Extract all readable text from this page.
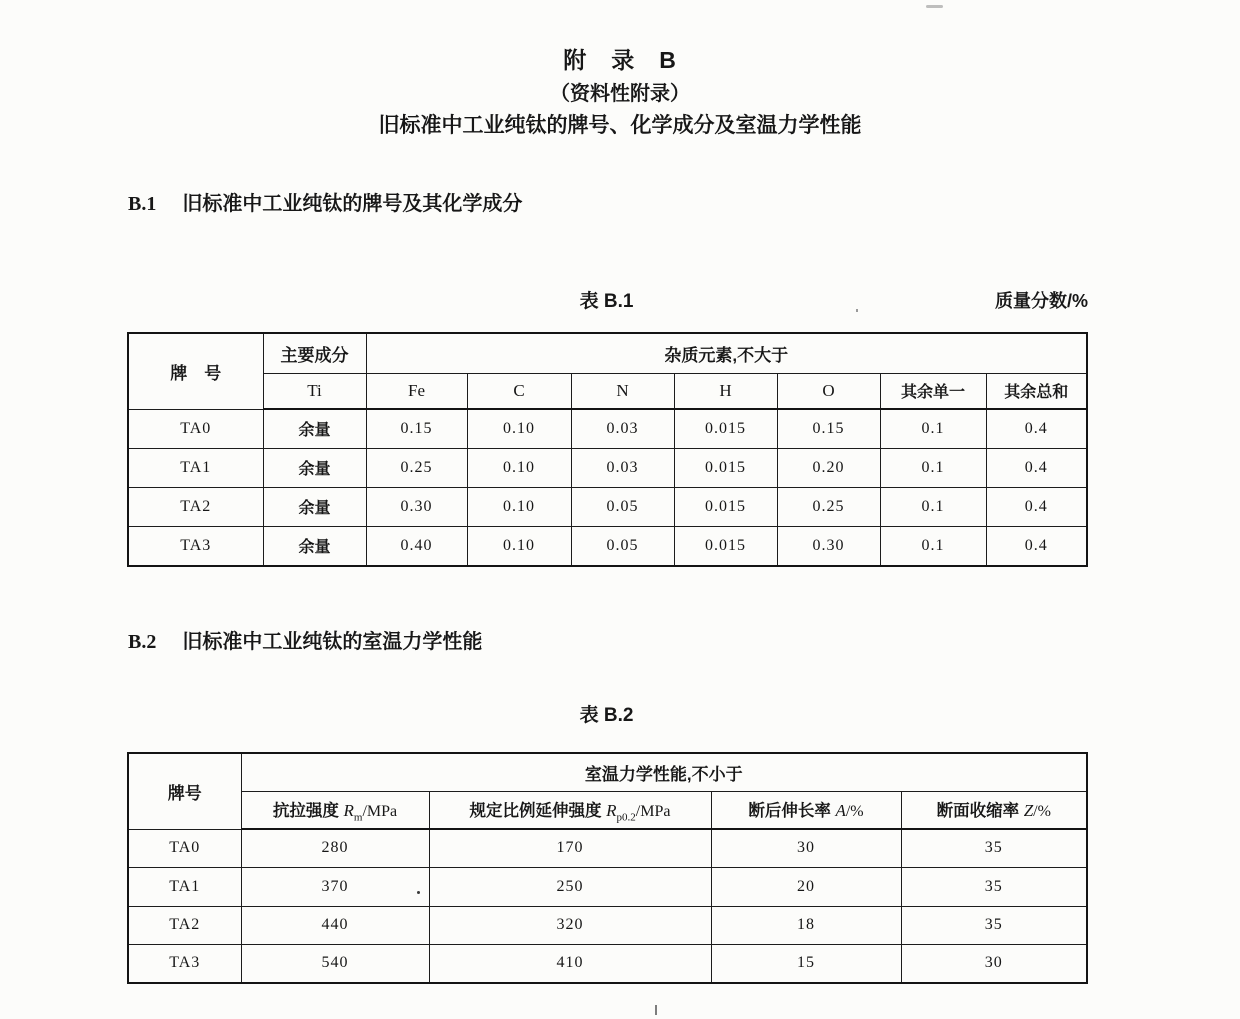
附　录　B
（资料性附录）
旧标准中工业纯钛的牌号、化学成分及室温力学性能
B.1 旧标准中工业纯钛的牌号及其化学成分
表 B.1	质量分数/%
牌　号	主要成分	杂质元素,不大于						
	Ti	Fe	C	N	H	O	其余单一	其余总和
TA0	余量	0.15	0.10	0.03	0.015	0.15	0.1	0.4
TA1	余量	0.25	0.10	0.03	0.015	0.20	0.1	0.4
TA2	余量	0.30	0.10	0.05	0.015	0.25	0.1	0.4
TA3	余量	0.40	0.10	0.05	0.015	0.30	0.1	0.4
B.2 旧标准中工业纯钛的室温力学性能
表 B.2
牌号	室温力学性能,不小于			
	抗拉强度 $R_m$/MPa	规定比例延伸强度 $R_{p0.2}$/MPa	断后伸长率 A/%	断面收缩率 Z/%
TA0	280	170	30	35
TA1	370	250	20	35
TA2	440	320	18	35
TA3	540	410	15	30
